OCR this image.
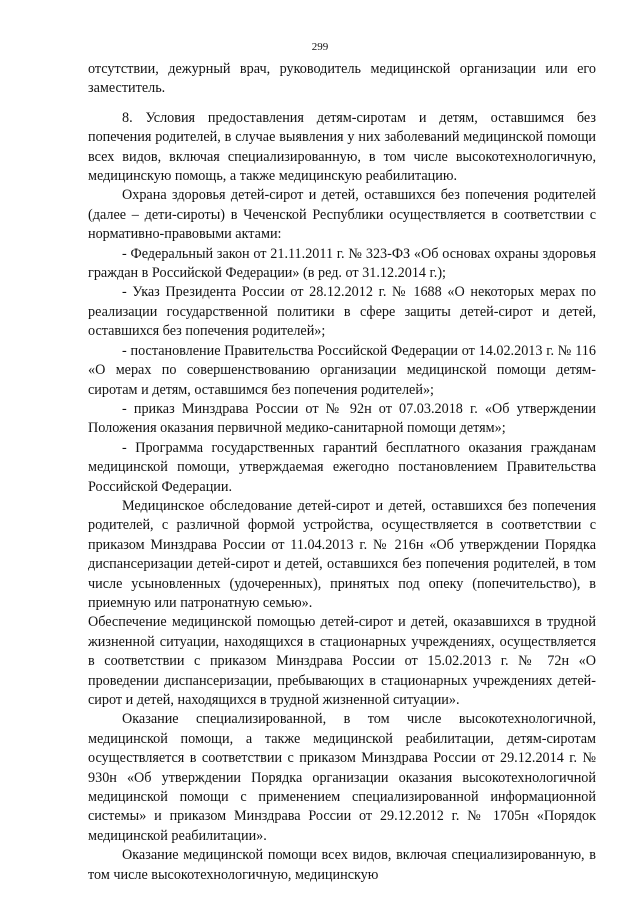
299

отсутствии, дежурный врач, руководитель медицинской организации или его заместитель.

8. Условия предоставления детям-сиротам и детям, оставшимся без попечения родителей, в случае выявления у них заболеваний медицинской помощи всех видов, включая специализированную, в том числе высокотехнологичную, медицинскую помощь, а также медицинскую реабилитацию.

Охрана здоровья детей-сирот и детей, оставшихся без попечения родителей (далее – дети-сироты) в Чеченской Республики осуществляется в соответствии с нормативно-правовыми актами:

- Федеральный закон от 21.11.2011 г. № 323-ФЗ «Об основах охраны здоровья граждан в Российской Федерации» (в ред. от 31.12.2014 г.);

- Указ Президента России от 28.12.2012 г. № 1688 «О некоторых мерах по реализации государственной политики в сфере защиты детей-сирот и детей, оставшихся без попечения родителей»;

- постановление Правительства Российской Федерации от 14.02.2013 г. № 116 «О мерах по совершенствованию организации медицинской помощи детям-сиротам и детям, оставшимся без попечения родителей»;

- приказ Минздрава России от № 92н от 07.03.2018 г. «Об утверждении Положения оказания первичной медико-санитарной помощи детям»;

- Программа государственных гарантий бесплатного оказания гражданам медицинской помощи, утверждаемая ежегодно постановлением Правительства Российской Федерации.

Медицинское обследование детей-сирот и детей, оставшихся без попечения родителей, с различной формой устройства, осуществляется в соответствии с приказом Минздрава России от 11.04.2013 г. № 216н «Об утверждении Порядка диспансеризации детей-сирот и детей, оставшихся без попечения родителей, в том числе усыновленных (удочеренных), принятых под опеку (попечительство), в приемную или патронатную семью».

Обеспечение медицинской помощью детей-сирот и детей, оказавшихся в трудной жизненной ситуации, находящихся в стационарных учреждениях, осуществляется в соответствии с приказом Минздрава России от 15.02.2013 г. № 72н «О проведении диспансеризации, пребывающих в стационарных учреждениях детей-сирот и детей, находящихся в трудной жизненной ситуации».

Оказание специализированной, в том числе высокотехнологичной, медицинской помощи, а также медицинской реабилитации, детям-сиротам осуществляется в соответствии с приказом Минздрава России от 29.12.2014 г. № 930н «Об утверждении Порядка организации оказания высокотехнологичной медицинской помощи с применением специализированной информационной системы» и приказом Минздрава России от 29.12.2012 г. № 1705н «Порядок медицинской реабилитации».

Оказание медицинской помощи всех видов, включая специализированную, в том числе высокотехнологичную, медицинскую
